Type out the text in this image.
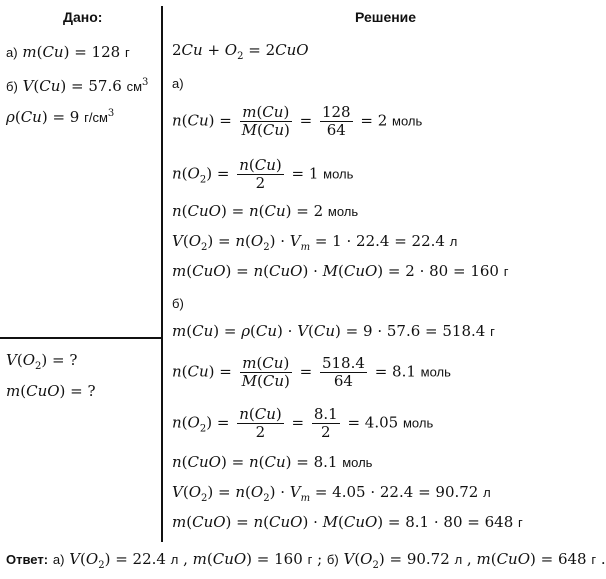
Дано:	Решение
а) m(Cu) = 128 г
б) V(Cu) = 57.6 $см^3$
ρ(Cu) = 9 $г/см^3$
$V(O_2)$ = ?
m(CuO) = ?
$2Cu + O_2 = 2CuO$
а)
$n(Cu) = \frac{m(Cu)}{M(Cu)} = \frac{128}{64} = 2$ моль
$n(O_2) = \frac{n(Cu)}{2} = 1$ моль
n(CuO) = n(Cu) = 2 моль
$V(O_2) = n(O_2) \cdot V_m = 1 \cdot 22.4 = 22.4$ л
m(CuO) = n(CuO) · M(CuO) = 2 · 80 = 160 г
б)
m(Cu) = ρ(Cu) · V(Cu) = 9 · 57.6 = 518.4 г
$n(Cu) = \frac{m(Cu)}{M(Cu)} = \frac{518.4}{64} = 8.1$ моль
$n(O_2) = \frac{n(Cu)}{2} = \frac{8.1}{2} = 4.05$ моль
n(CuO) = n(Cu) = 8.1 моль
$V(O_2) = n(O_2) \cdot V_m = 4.05 \cdot 22.4 = 90.72$ л
m(CuO) = n(CuO) · M(CuO) = 8.1 · 80 = 648 г
Ответ: а) $V(O_2) = 22.4$ л , m(CuO) = 160 г ; б) $V(O_2) = 90.72$ л , m(CuO) = 648 г .
